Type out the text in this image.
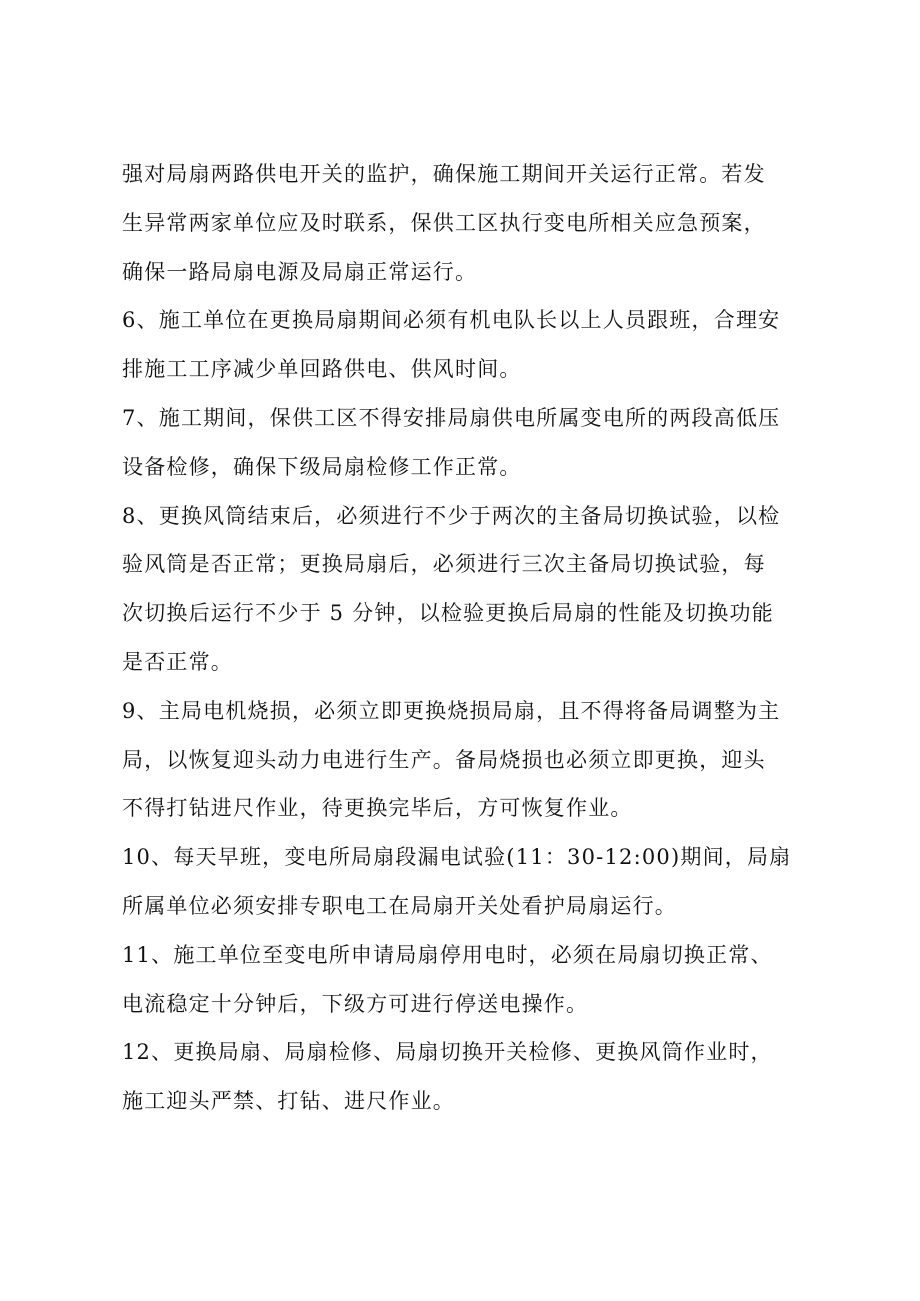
强对局扇两路供电开关的监护，确保施工期间开关运行正常。若发
生异常两家单位应及时联系，保供工区执行变电所相关应急预案，
确保一路局扇电源及局扇正常运行。
6、施工单位在更换局扇期间必须有机电队长以上人员跟班，合理安
排施工工序减少单回路供电、供风时间。
7、施工期间，保供工区不得安排局扇供电所属变电所的两段高低压
设备检修，确保下级局扇检修工作正常。
8、更换风筒结束后，必须进行不少于两次的主备局切换试验，以检
验风筒是否正常；更换局扇后，必须进行三次主备局切换试验，每
次切换后运行不少于 5 分钟，以检验更换后局扇的性能及切换功能
是否正常。
9、主局电机烧损，必须立即更换烧损局扇，且不得将备局调整为主
局，以恢复迎头动力电进行生产。备局烧损也必须立即更换，迎头
不得打钻进尺作业，待更换完毕后，方可恢复作业。
10、每天早班，变电所局扇段漏电试验(11：30-12:00)期间，局扇
所属单位必须安排专职电工在局扇开关处看护局扇运行。
11、施工单位至变电所申请局扇停用电时，必须在局扇切换正常、
电流稳定十分钟后，下级方可进行停送电操作。
12、更换局扇、局扇检修、局扇切换开关检修、更换风筒作业时，
施工迎头严禁、打钻、进尺作业。
